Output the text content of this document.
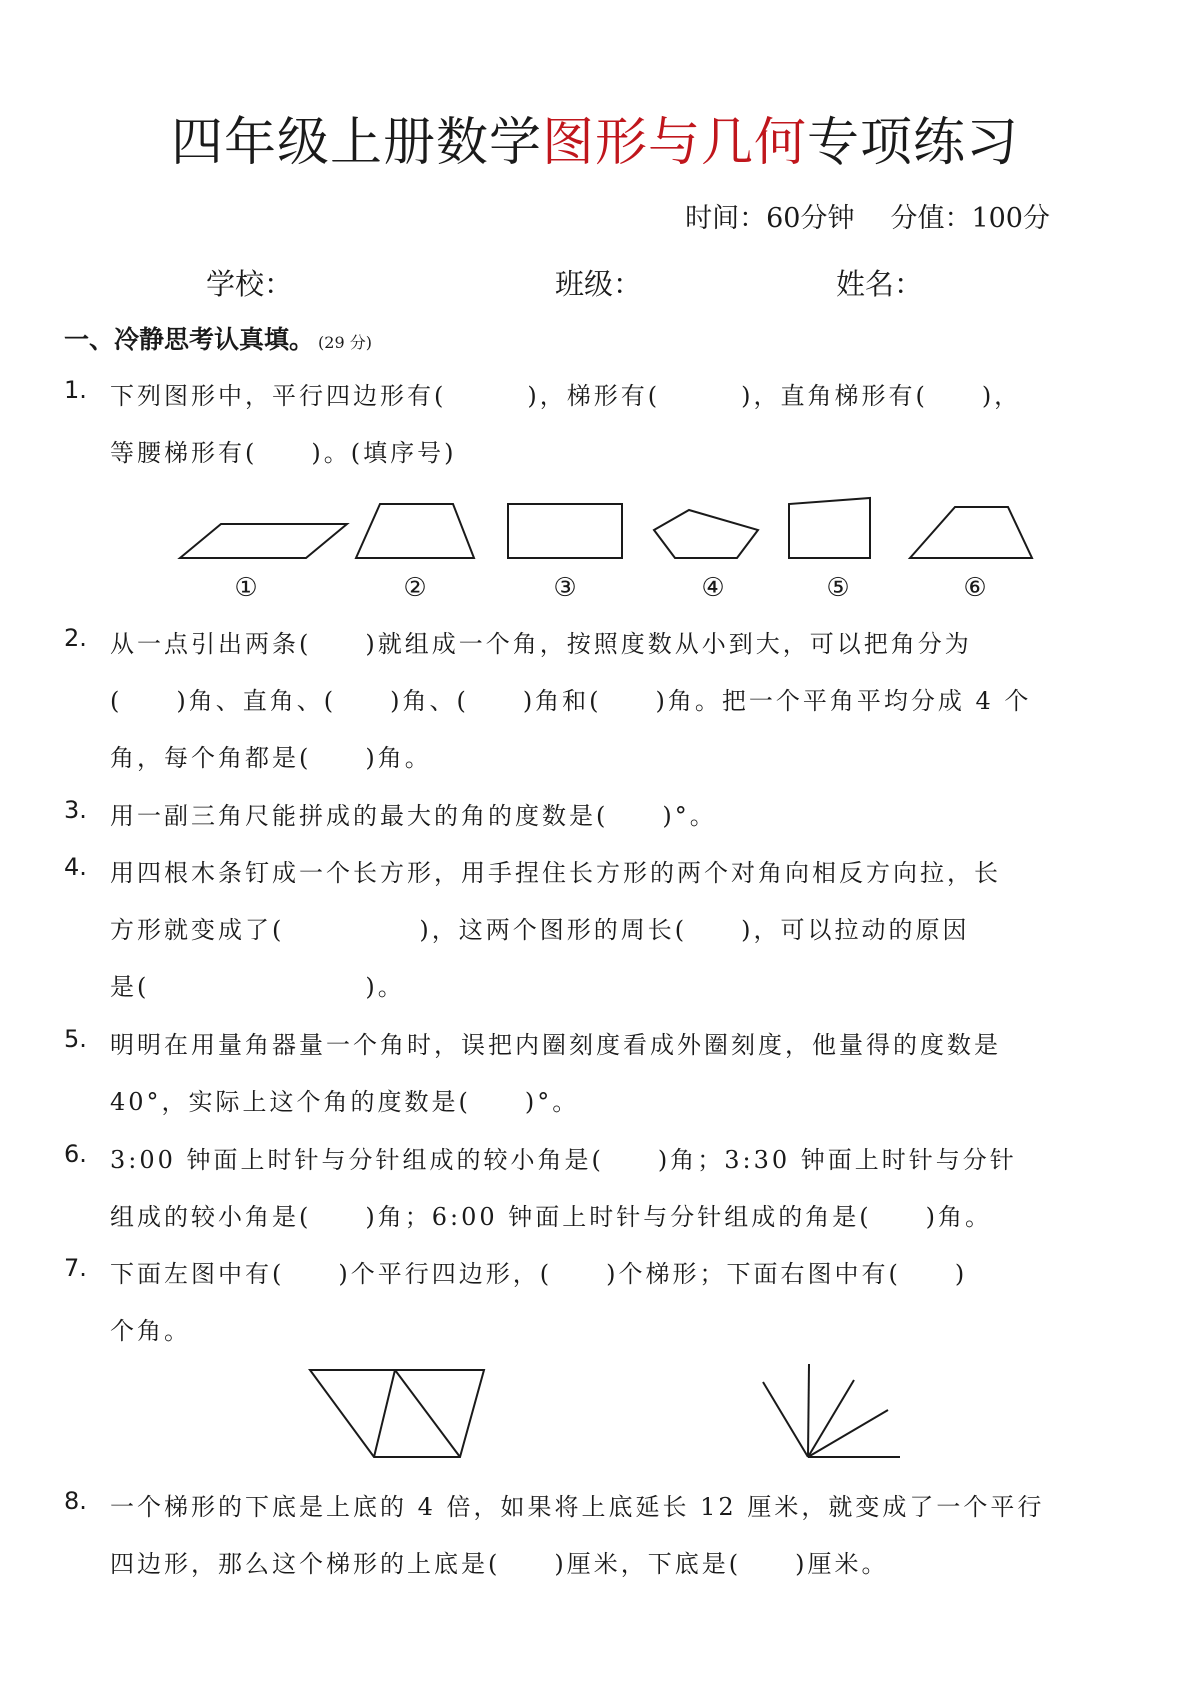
四年级上册数学图形与几何专项练习
时间：60分钟 分值：100分
学校：	班级：	姓名：
一、冷静思考认真填。 (29 分)
1. 下列图形中，平行四边形有(　　　)，梯形有(　　　)，直角梯形有(　　)，
等腰梯形有(　　)。(填序号)
①	②	③	④	⑤	⑥
2. 从一点引出两条(　　)就组成一个角，按照度数从小到大，可以把角分为
(　　)角、直角、(　　)角、(　　)角和(　　)角。把一个平角平均分成 4 个
角，每个角都是(　　)角。
3. 用一副三角尺能拼成的最大的角的度数是(　　)°。
4. 用四根木条钉成一个长方形，用手捏住长方形的两个对角向相反方向拉，长
方形就变成了(　　　　　)，这两个图形的周长(　　)，可以拉动的原因
是(　　　　　　　　)。
5. 明明在用量角器量一个角时，误把内圈刻度看成外圈刻度，他量得的度数是
40°，实际上这个角的度数是(　　)°。
6. 3:00 钟面上时针与分针组成的较小角是(　　)角；3:30 钟面上时针与分针
组成的较小角是(　　)角；6:00 钟面上时针与分针组成的角是(　　)角。
7. 下面左图中有(　　)个平行四边形，(　　)个梯形；下面右图中有(　　)
个角。
8. 一个梯形的下底是上底的 4 倍，如果将上底延长 12 厘米，就变成了一个平行
四边形，那么这个梯形的上底是(　　)厘米，下底是(　　)厘米。
